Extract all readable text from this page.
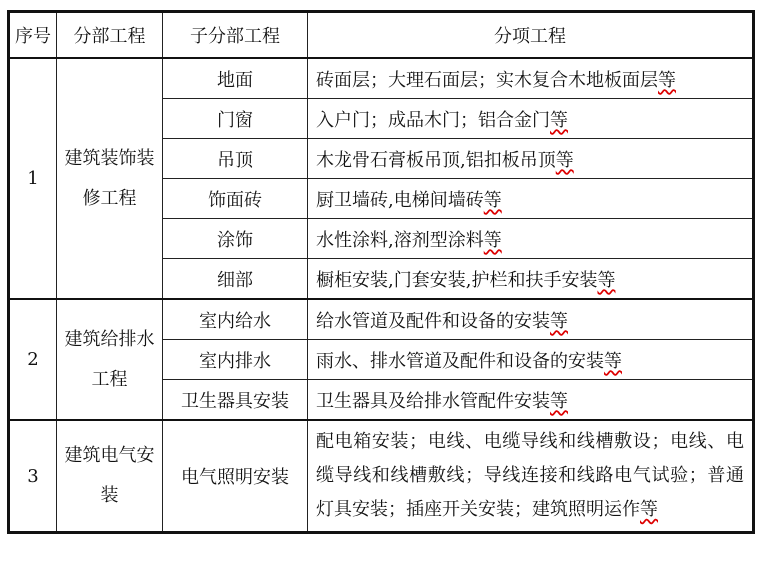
序号	分部工程	子分部工程	分项工程
1	建筑装饰装修工程	地面	砖面层；大理石面层；实木复合木地板面层等
		门窗	入户门；成品木门；铝合金门等
		吊顶	木龙骨石膏板吊顶,铝扣板吊顶等
		饰面砖	厨卫墙砖,电梯间墙砖等
		涂饰	水性涂料,溶剂型涂料等
		细部	橱柜安装,门套安装,护栏和扶手安装等
2	建筑给排水工程	室内给水	给水管道及配件和设备的安装等
		室内排水	雨水、排水管道及配件和设备的安装等
		卫生器具安装	卫生器具及给排水管配件安装等
3	建筑电气安装	电气照明安装	配电箱安装；电线、电缆导线和线槽敷设；电线、电缆导线和线槽敷线；导线连接和线路电气试验；普通灯具安装；插座开关安装；建筑照明运作等
